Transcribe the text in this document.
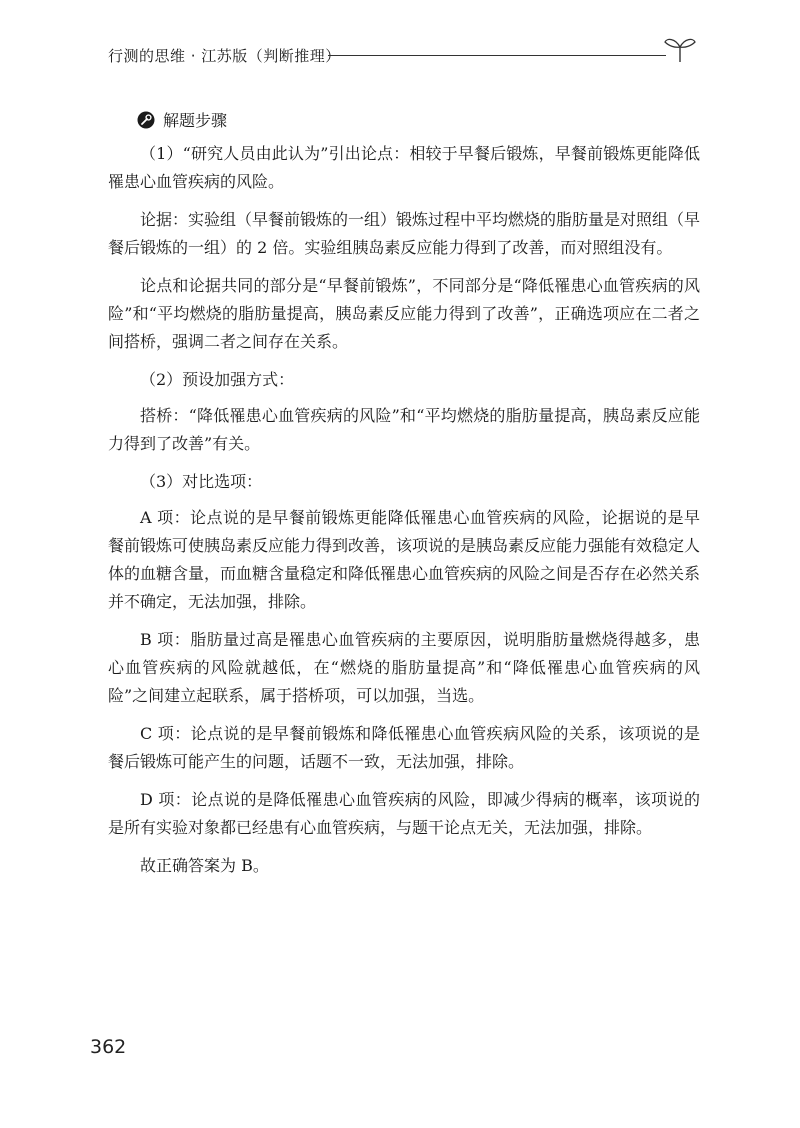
行测的思维 · 江苏版（判断推理）
解题步骤

（1）“研究人员由此认为”引出论点：相较于早餐后锻炼，早餐前锻炼更能降低罹患心血管疾病的风险。

论据：实验组（早餐前锻炼的一组）锻炼过程中平均燃烧的脂肪量是对照组（早餐后锻炼的一组）的 2 倍。实验组胰岛素反应能力得到了改善，而对照组没有。

论点和论据共同的部分是“早餐前锻炼”，不同部分是“降低罹患心血管疾病的风险”和“平均燃烧的脂肪量提高，胰岛素反应能力得到了改善”，正确选项应在二者之间搭桥，强调二者之间存在关系。

（2）预设加强方式：

搭桥：“降低罹患心血管疾病的风险”和“平均燃烧的脂肪量提高，胰岛素反应能力得到了改善”有关。

（3）对比选项：

A 项：论点说的是早餐前锻炼更能降低罹患心血管疾病的风险，论据说的是早餐前锻炼可使胰岛素反应能力得到改善，该项说的是胰岛素反应能力强能有效稳定人体的血糖含量，而血糖含量稳定和降低罹患心血管疾病的风险之间是否存在必然关系并不确定，无法加强，排除。

B 项：脂肪量过高是罹患心血管疾病的主要原因，说明脂肪量燃烧得越多，患心血管疾病的风险就越低，在“燃烧的脂肪量提高”和“降低罹患心血管疾病的风险”之间建立起联系，属于搭桥项，可以加强，当选。

C 项：论点说的是早餐前锻炼和降低罹患心血管疾病风险的关系，该项说的是餐后锻炼可能产生的问题，话题不一致，无法加强，排除。

D 项：论点说的是降低罹患心血管疾病的风险，即减少得病的概率，该项说的是所有实验对象都已经患有心血管疾病，与题干论点无关，无法加强，排除。

故正确答案为 B。

362
